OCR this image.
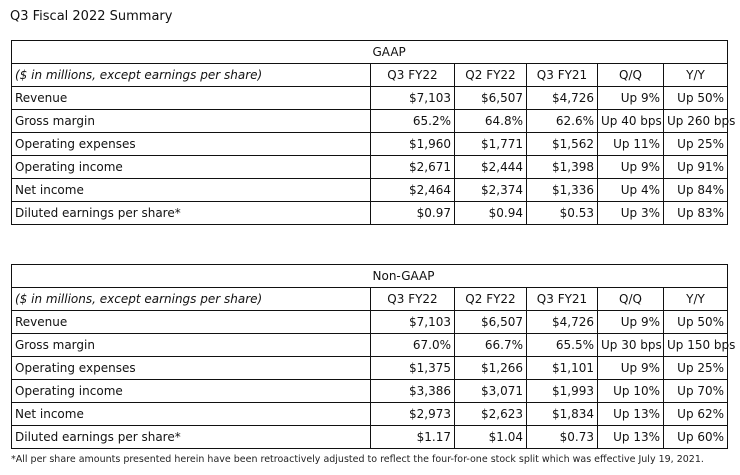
Q3 Fiscal 2022 Summary
	GAAP				
($ in millions, except earnings per share)	Q3 FY22	Q2 FY22	Q3 FY21	Q/Q	Y/Y
Revenue	$7,103	$6,507	$4,726	Up 9%	Up 50%
Gross margin	65.2%	64.8%	62.6%	Up 40 bps	Up 260 bps
Operating expenses	$1,960	$1,771	$1,562	Up 11%	Up 25%
Operating income	$2,671	$2,444	$1,398	Up 9%	Up 91%
Net income	$2,464	$2,374	$1,336	Up 4%	Up 84%
Diluted earnings per share*	$0.97	$0.94	$0.53	Up 3%	Up 83%
	Non-GAAP				
($ in millions, except earnings per share)	Q3 FY22	Q2 FY22	Q3 FY21	Q/Q	Y/Y
Revenue	$7,103	$6,507	$4,726	Up 9%	Up 50%
Gross margin	67.0%	66.7%	65.5%	Up 30 bps	Up 150 bps
Operating expenses	$1,375	$1,266	$1,101	Up 9%	Up 25%
Operating income	$3,386	$3,071	$1,993	Up 10%	Up 70%
Net income	$2,973	$2,623	$1,834	Up 13%	Up 62%
Diluted earnings per share*	$1.17	$1.04	$0.73	Up 13%	Up 60%
*All per share amounts presented herein have been retroactively adjusted to reflect the four-for-one stock split which was effective July 19, 2021.
